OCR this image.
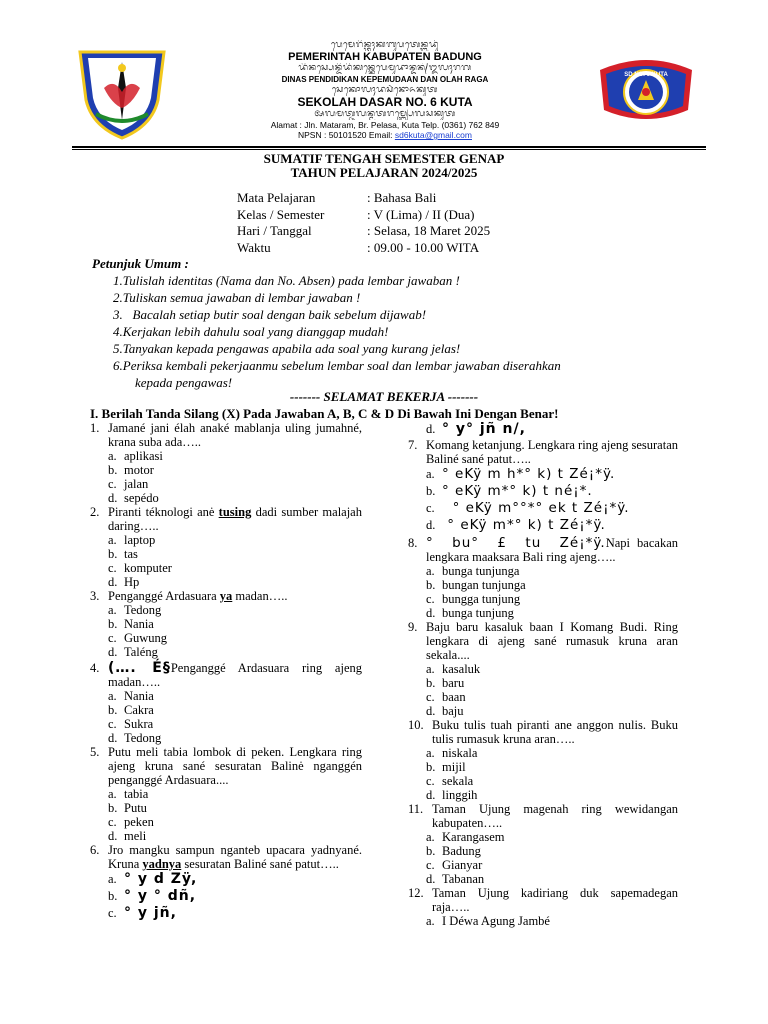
ᬧᬾᬫᬾᬭᬶᬦ᭄ᬢᬄᬓᬩᬸᬧᬢᬾᬦ᭄ᬩᬤᬸᬂ
PEMERINTAH KABUPATEN BADUNG
ᬤᬶᬦᬲ᭄ᬧᬾᬦ᭄ᬤᬶᬤᬶᬓᬦ᭄ᬓᬾᬧᬾᬫᬸᬤᬵᬦ᭄ᬤᬦ᭄ᬑᬮᬄᬭᬕ
DINAS PENDIDIKAN KEPEMUDAAN DAN OLAH RAGA
ᬲᬾᬓᭀᬮᬄᬤᬲᬃᬦᭀ᭖ᬓᬸᬢ
SEKOLAH DASAR NO. 6 KUTA
ᬅᬮᬫᬢ᭄ᬚᬮᬦ᭄ᬫᬢᬭᬫ᭄ᬩ᭄ᬭ᭄ᬧᬾᬮᬲᬓᬸᬢ
Alamat : Jln. Mataram, Br. Pelasa, Kuta Telp. (0361) 762 849
NPSN : 50101520 Email: sd6kuta@gmail.com
SD NO. 6 KUTA
SUMATIF TENGAH SEMESTER GENAP
TAHUN PELAJARAN 2024/2025
Mata Pelajaran	: Bahasa Bali
Kelas / Semester	: V (Lima) / II (Dua)
Hari / Tanggal	: Selasa, 18 Maret 2025
Waktu	: 09.00 - 10.00 WITA
Petunjuk Umum :
1.Tulislah identitas (Nama dan No. Absen) pada lembar jawaban !
2.Tuliskan semua jawaban di lembar jawaban !
3.   Bacalah setiap butir soal dengan baik sebelum dijawab!
4.Kerjakan lebih dahulu soal yang dianggap mudah!
5.Tanyakan kepada pengawas apabila ada soal yang kurang jelas!
6.Periksa kembali pekerjaanmu sebelum lembar soal dan lembar jawaban diserahkan
kepada pengawas!
------- SELAMAT BEKERJA -------
I. Berilah Tanda Silang (X) Pada Jawaban A, B, C & D Di Bawah Ini Dengan Benar!
1. Jamané jani élah anaké mablanja uling jumahné, krana suba ada…..
a. aplikasi
b. motor
c. jalan
d. sepédo
2. Piranti téknologi anė tusing dadi sumber malajah daring…..
a. laptop
b. tas
c. komputer
d. Hp
3. Penganggé Ardasuara ya madan…..
a. Tedong
b. Nania
c. Guwung
d. Taléng
4. (…. É§Penganggé Ardasuara ring ajeng madan…..
a. Nania
b. Cakra
c. Sukra
d. Tedong
5. Putu meli tabia lombok di peken. Lengkara ring ajeng kruna sané sesuratan Balinė nganggén penganggé Ardasuara....
a. tabia
b. Putu
c. peken
d. meli
6. Jro mangku sampun nganteb upacara yadnyané. Kruna yadnya sesuratan Baliné sané patut…..
a. ° y d Zÿ,
b. ° y ° dñ,
c. ° y jñ,
d. ° y° jñ n/,
7. Komang ketanjung. Lengkara ring ajeng sesuratan Baliné sané patut…..
a. ° eKÿ m h*° k) t Zé¡*ÿ.
b. ° eKÿ m*° k) t né¡*.
c. ° eKÿ m°°*° ek t Zé¡*ÿ.
d. ° eKÿ m*° k) t Zé¡*ÿ.
8. °  bu°  £  tu  Zé¡*ÿ.Napi bacakan lengkara maaksara Bali ring ajeng…..
a. bunga tunjunga
b. bungan tunjunga
c. bungga tunjung
d. bunga tunjung
9. Baju baru kasaluk baan I Komang Budi. Ring lengkara di ajeng sané rumasuk kruna aran sekala....
a. kasaluk
b. baru
c. baan
d. baju
10. Buku tulis tuah piranti ane anggon nulis. Buku tulis rumasuk kruna aran…..
a. niskala
b. mijil
c. sekala
d. linggih
11. Taman Ujung magenah ring wewidangan kabupaten…..
a. Karangasem
b. Badung
c. Gianyar
d. Tabanan
12. Taman Ujung kadiriang duk sapemadegan raja…..
a. I Déwa Agung Jambé
